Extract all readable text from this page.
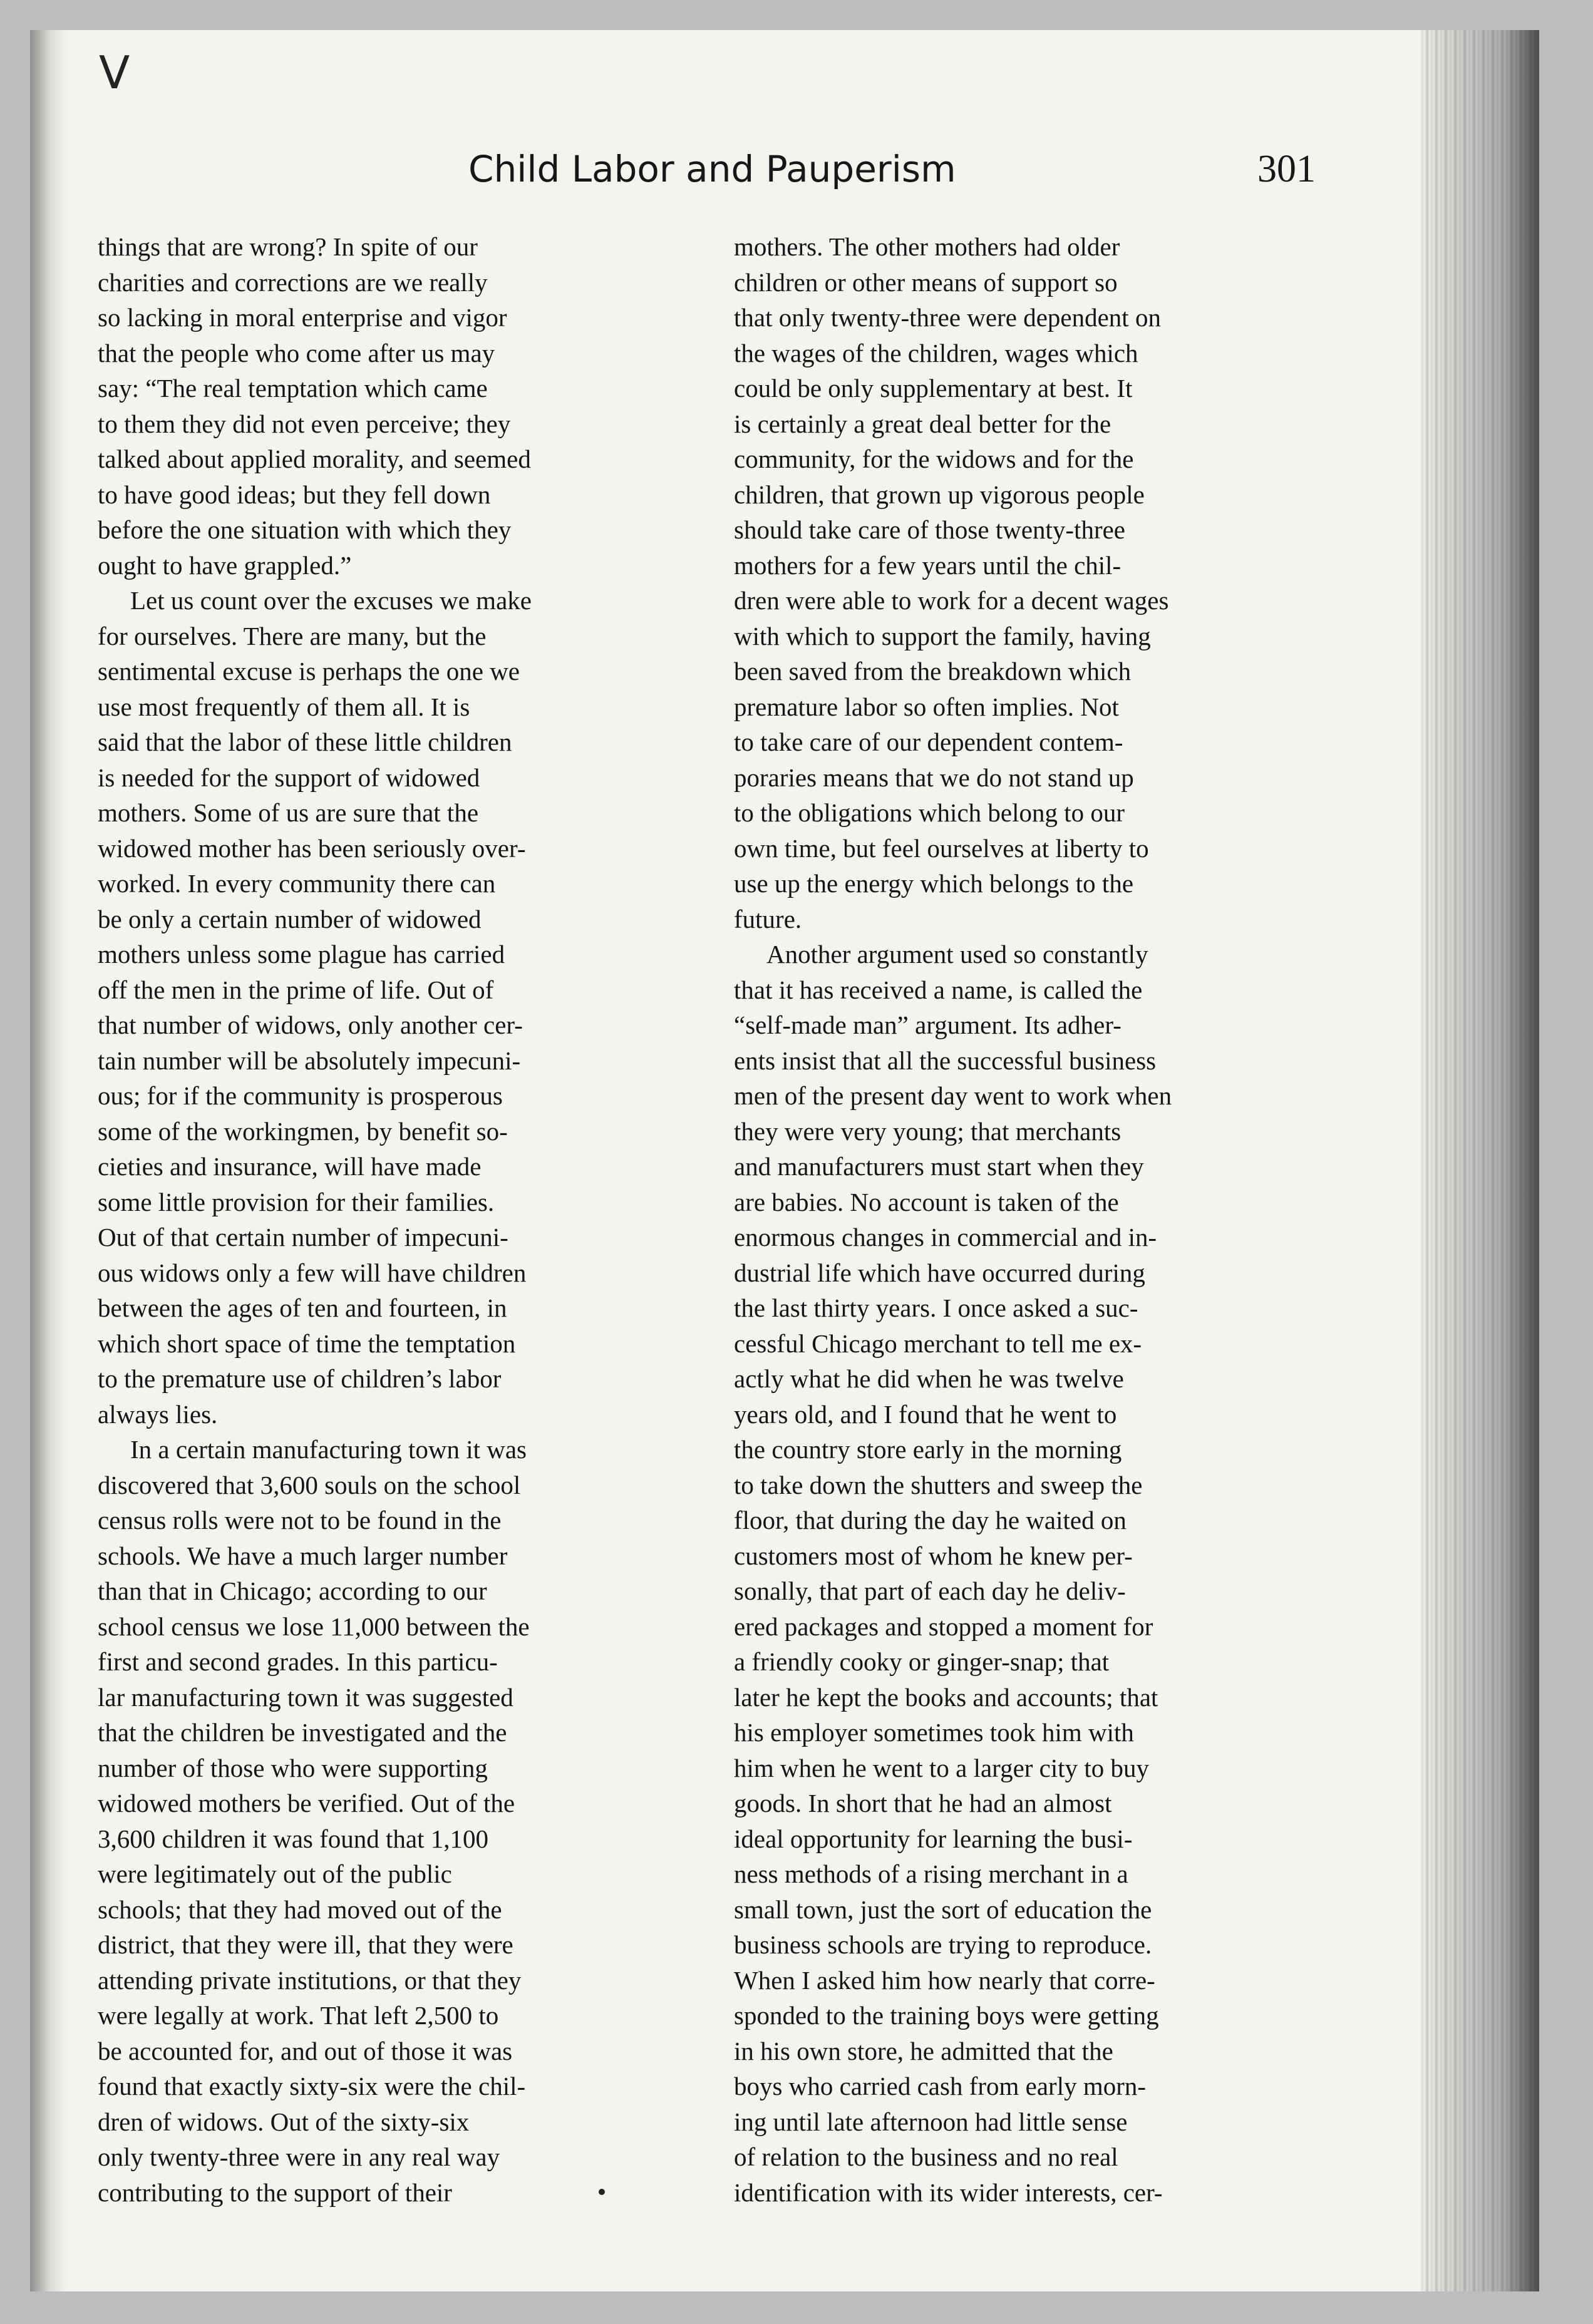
V
Child Labor and Pauperism	301
things that are wrong? In spite of our
charities and corrections are we really
so lacking in moral enterprise and vigor
that the people who come after us may
say: “The real temptation which came
to them they did not even perceive; they
talked about applied morality, and seemed
to have good ideas; but they fell down
before the one situation with which they
ought to have grappled.”
Let us count over the excuses we make
for ourselves. There are many, but the
sentimental excuse is perhaps the one we
use most frequently of them all. It is
said that the labor of these little children
is needed for the support of widowed
mothers. Some of us are sure that the
widowed mother has been seriously over-
worked. In every community there can
be only a certain number of widowed
mothers unless some plague has carried
off the men in the prime of life. Out of
that number of widows, only another cer-
tain number will be absolutely impecuni-
ous; for if the community is prosperous
some of the workingmen, by benefit so-
cieties and insurance, will have made
some little provision for their families.
Out of that certain number of impecuni-
ous widows only a few will have children
between the ages of ten and fourteen, in
which short space of time the temptation
to the premature use of children’s labor
always lies.
In a certain manufacturing town it was
discovered that 3,600 souls on the school
census rolls were not to be found in the
schools. We have a much larger number
than that in Chicago; according to our
school census we lose 11,000 between the
first and second grades. In this particu-
lar manufacturing town it was suggested
that the children be investigated and the
number of those who were supporting
widowed mothers be verified. Out of the
3,600 children it was found that 1,100
were legitimately out of the public
schools; that they had moved out of the
district, that they were ill, that they were
attending private institutions, or that they
were legally at work. That left 2,500 to
be accounted for, and out of those it was
found that exactly sixty-six were the chil-
dren of widows. Out of the sixty-six
only twenty-three were in any real way
contributing to the support of their
mothers. The other mothers had older
children or other means of support so
that only twenty-three were dependent on
the wages of the children, wages which
could be only supplementary at best. It
is certainly a great deal better for the
community, for the widows and for the
children, that grown up vigorous people
should take care of those twenty-three
mothers for a few years until the chil-
dren were able to work for a decent wages
with which to support the family, having
been saved from the breakdown which
premature labor so often implies. Not
to take care of our dependent contem-
poraries means that we do not stand up
to the obligations which belong to our
own time, but feel ourselves at liberty to
use up the energy which belongs to the
future.
Another argument used so constantly
that it has received a name, is called the
“self-made man” argument. Its adher-
ents insist that all the successful business
men of the present day went to work when
they were very young; that merchants
and manufacturers must start when they
are babies. No account is taken of the
enormous changes in commercial and in-
dustrial life which have occurred during
the last thirty years. I once asked a suc-
cessful Chicago merchant to tell me ex-
actly what he did when he was twelve
years old, and I found that he went to
the country store early in the morning
to take down the shutters and sweep the
floor, that during the day he waited on
customers most of whom he knew per-
sonally, that part of each day he deliv-
ered packages and stopped a moment for
a friendly cooky or ginger-snap; that
later he kept the books and accounts; that
his employer sometimes took him with
him when he went to a larger city to buy
goods. In short that he had an almost
ideal opportunity for learning the busi-
ness methods of a rising merchant in a
small town, just the sort of education the
business schools are trying to reproduce.
When I asked him how nearly that corre-
sponded to the training boys were getting
in his own store, he admitted that the
boys who carried cash from early morn-
ing until late afternoon had little sense
of relation to the business and no real
identification with its wider interests, cer-
